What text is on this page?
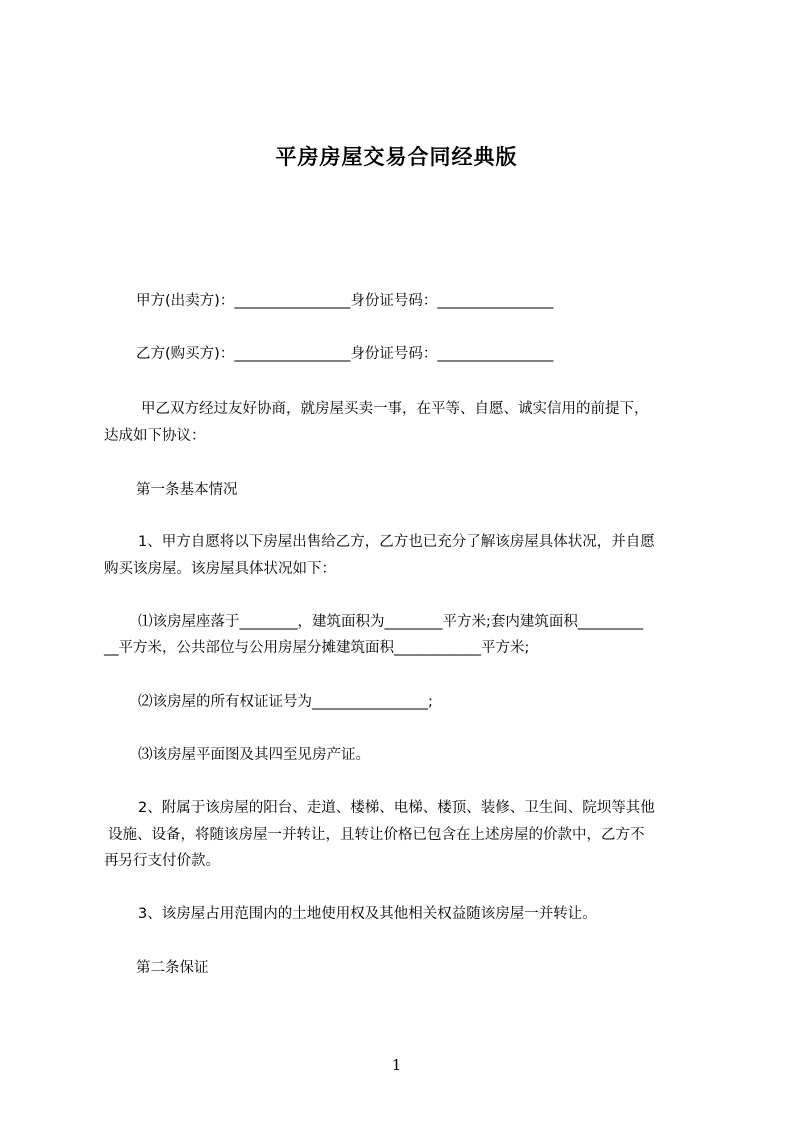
平房房屋交易合同经典版
甲方(出卖方)：________________身份证号码：________________
乙方(购买方)：________________身份证号码：________________
甲乙双方经过友好协商，就房屋买卖一事，在平等、自愿、诚实信用的前提下，
达成如下协议：
第一条基本情况
1、甲方自愿将以下房屋出售给乙方，乙方也已充分了解该房屋具体状况，并自愿
购买该房屋。该房屋具体状况如下：
⑴该房屋座落于________，建筑面积为________平方米;套内建筑面积_________
__平方米，公共部位与公用房屋分摊建筑面积____________平方米;
⑵该房屋的所有权证证号为________________;
⑶该房屋平面图及其四至见房产证。
2、附属于该房屋的阳台、走道、楼梯、电梯、楼顶、装修、卫生间、院坝等其他
设施、设备，将随该房屋一并转让，且转让价格已包含在上述房屋的价款中，乙方不
再另行支付价款。
3、该房屋占用范围内的土地使用权及其他相关权益随该房屋一并转让。
第二条保证
1
